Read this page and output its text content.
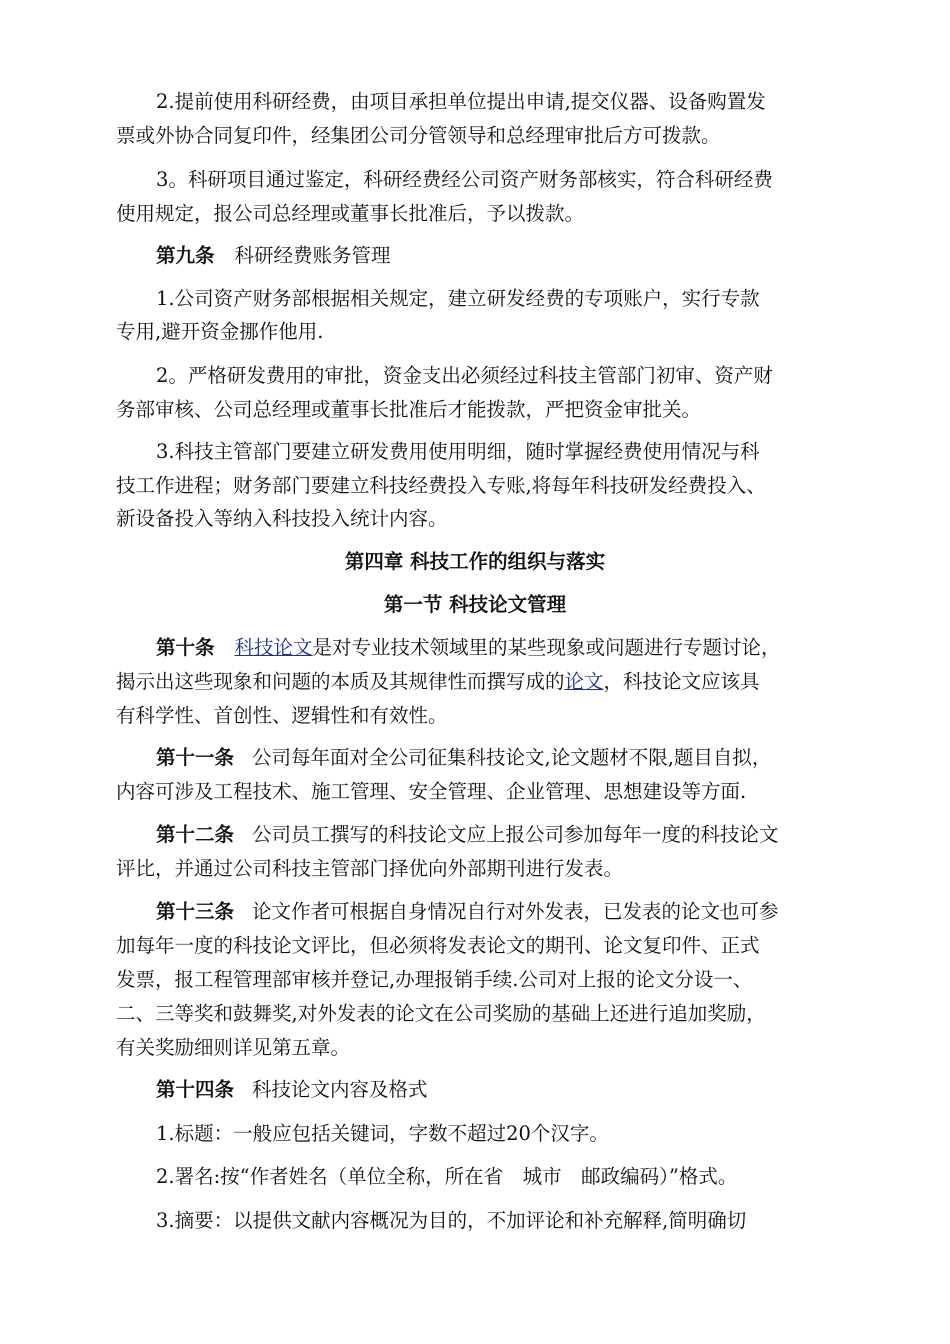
2.提前使用科研经费，由项目承担单位提出申请,提交仪器、设备购置发
票或外协合同复印件，经集团公司分管领导和总经理审批后方可拨款。
3。科研项目通过鉴定，科研经费经公司资产财务部核实，符合科研经费
使用规定，报公司总经理或董事长批准后，予以拨款。
第九条 科研经费账务管理
1.公司资产财务部根据相关规定，建立研发经费的专项账户，实行专款
专用,避开资金挪作他用.
2。严格研发费用的审批，资金支出必须经过科技主管部门初审、资产财
务部审核、公司总经理或董事长批准后才能拨款，严把资金审批关。
3.科技主管部门要建立研发费用使用明细，随时掌握经费使用情况与科
技工作进程；财务部门要建立科技经费投入专账,将每年科技研发经费投入、
新设备投入等纳入科技投入统计内容。
第四章 科技工作的组织与落实
第一节 科技论文管理
第十条 科技论文是对专业技术领域里的某些现象或问题进行专题讨论，
揭示出这些现象和问题的本质及其规律性而撰写成的论文，科技论文应该具
有科学性、首创性、逻辑性和有效性。
第十一条 公司每年面对全公司征集科技论文,论文题材不限,题目自拟，
内容可涉及工程技术、施工管理、安全管理、企业管理、思想建设等方面.
第十二条 公司员工撰写的科技论文应上报公司参加每年一度的科技论文
评比，并通过公司科技主管部门择优向外部期刊进行发表。
第十三条 论文作者可根据自身情况自行对外发表，已发表的论文也可参
加每年一度的科技论文评比，但必须将发表论文的期刊、论文复印件、正式
发票，报工程管理部审核并登记,办理报销手续.公司对上报的论文分设一、
二、三等奖和鼓舞奖,对外发表的论文在公司奖励的基础上还进行追加奖励，
有关奖励细则详见第五章。
第十四条 科技论文内容及格式
1.标题：一般应包括关键词，字数不超过20个汉字。
2.署名:按“作者姓名（单位全称，所在省　城市　邮政编码）”格式。
3.摘要：以提供文献内容概况为目的，不加评论和补充解释,简明确切
